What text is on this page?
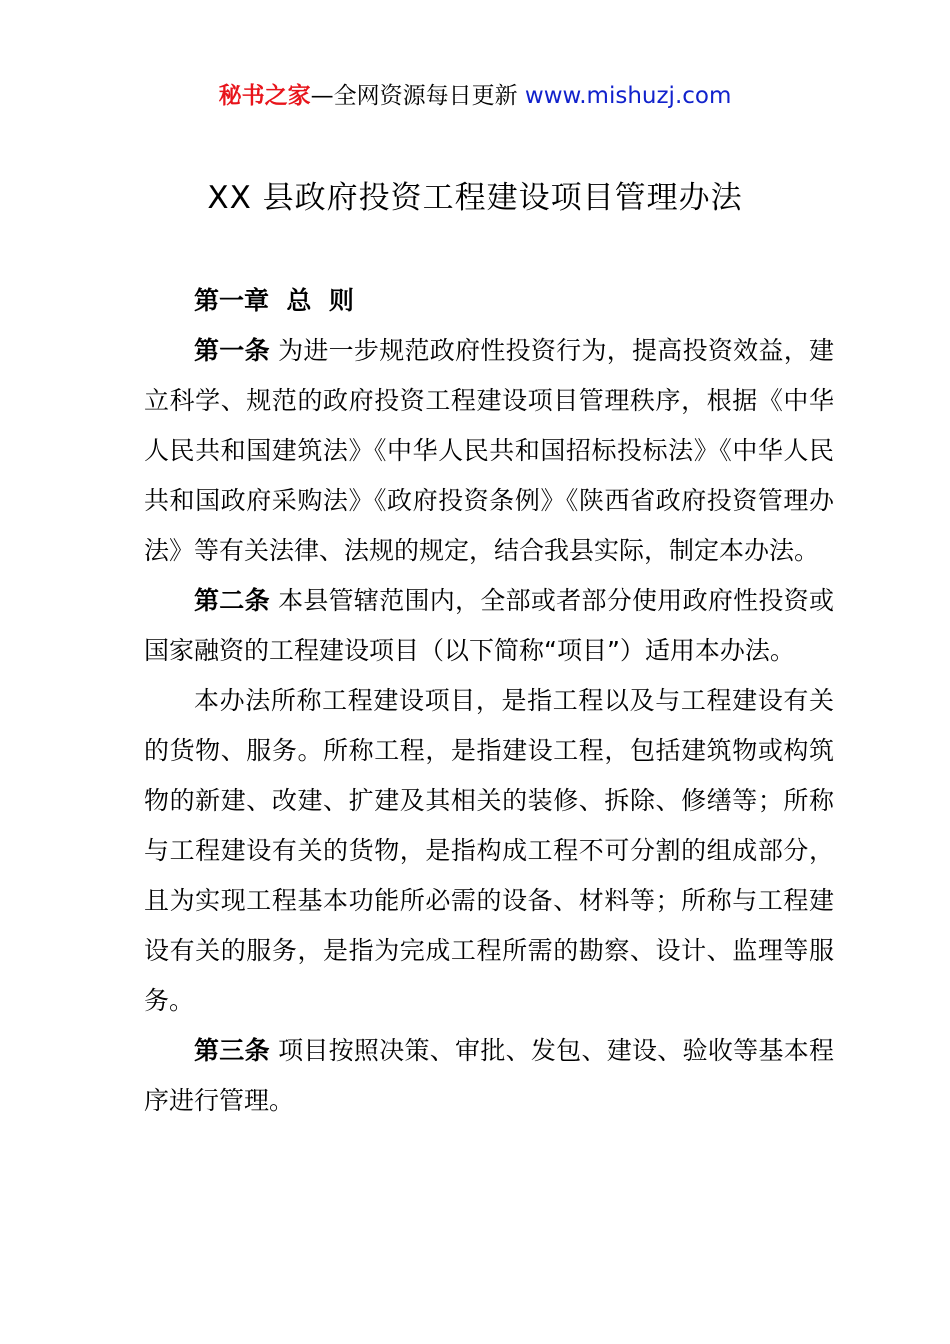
秘书之家—全网资源每日更新 www.mishuzj.com
XX 县政府投资工程建设项目管理办法

第一章  总  则

第一条 为进一步规范政府性投资行为，提高投资效益，建立科学、规范的政府投资工程建设项目管理秩序，根据《中华人民共和国建筑法》《中华人民共和国招标投标法》《中华人民共和国政府采购法》《政府投资条例》《陕西省政府投资管理办法》等有关法律、法规的规定，结合我县实际，制定本办法。

第二条 本县管辖范围内，全部或者部分使用政府性投资或国家融资的工程建设项目（以下简称“项目”）适用本办法。

本办法所称工程建设项目，是指工程以及与工程建设有关的货物、服务。所称工程，是指建设工程，包括建筑物或构筑物的新建、改建、扩建及其相关的装修、拆除、修缮等；所称与工程建设有关的货物，是指构成工程不可分割的组成部分，且为实现工程基本功能所必需的设备、材料等；所称与工程建设有关的服务，是指为完成工程所需的勘察、设计、监理等服务。

第三条 项目按照决策、审批、发包、建设、验收等基本程序进行管理。
